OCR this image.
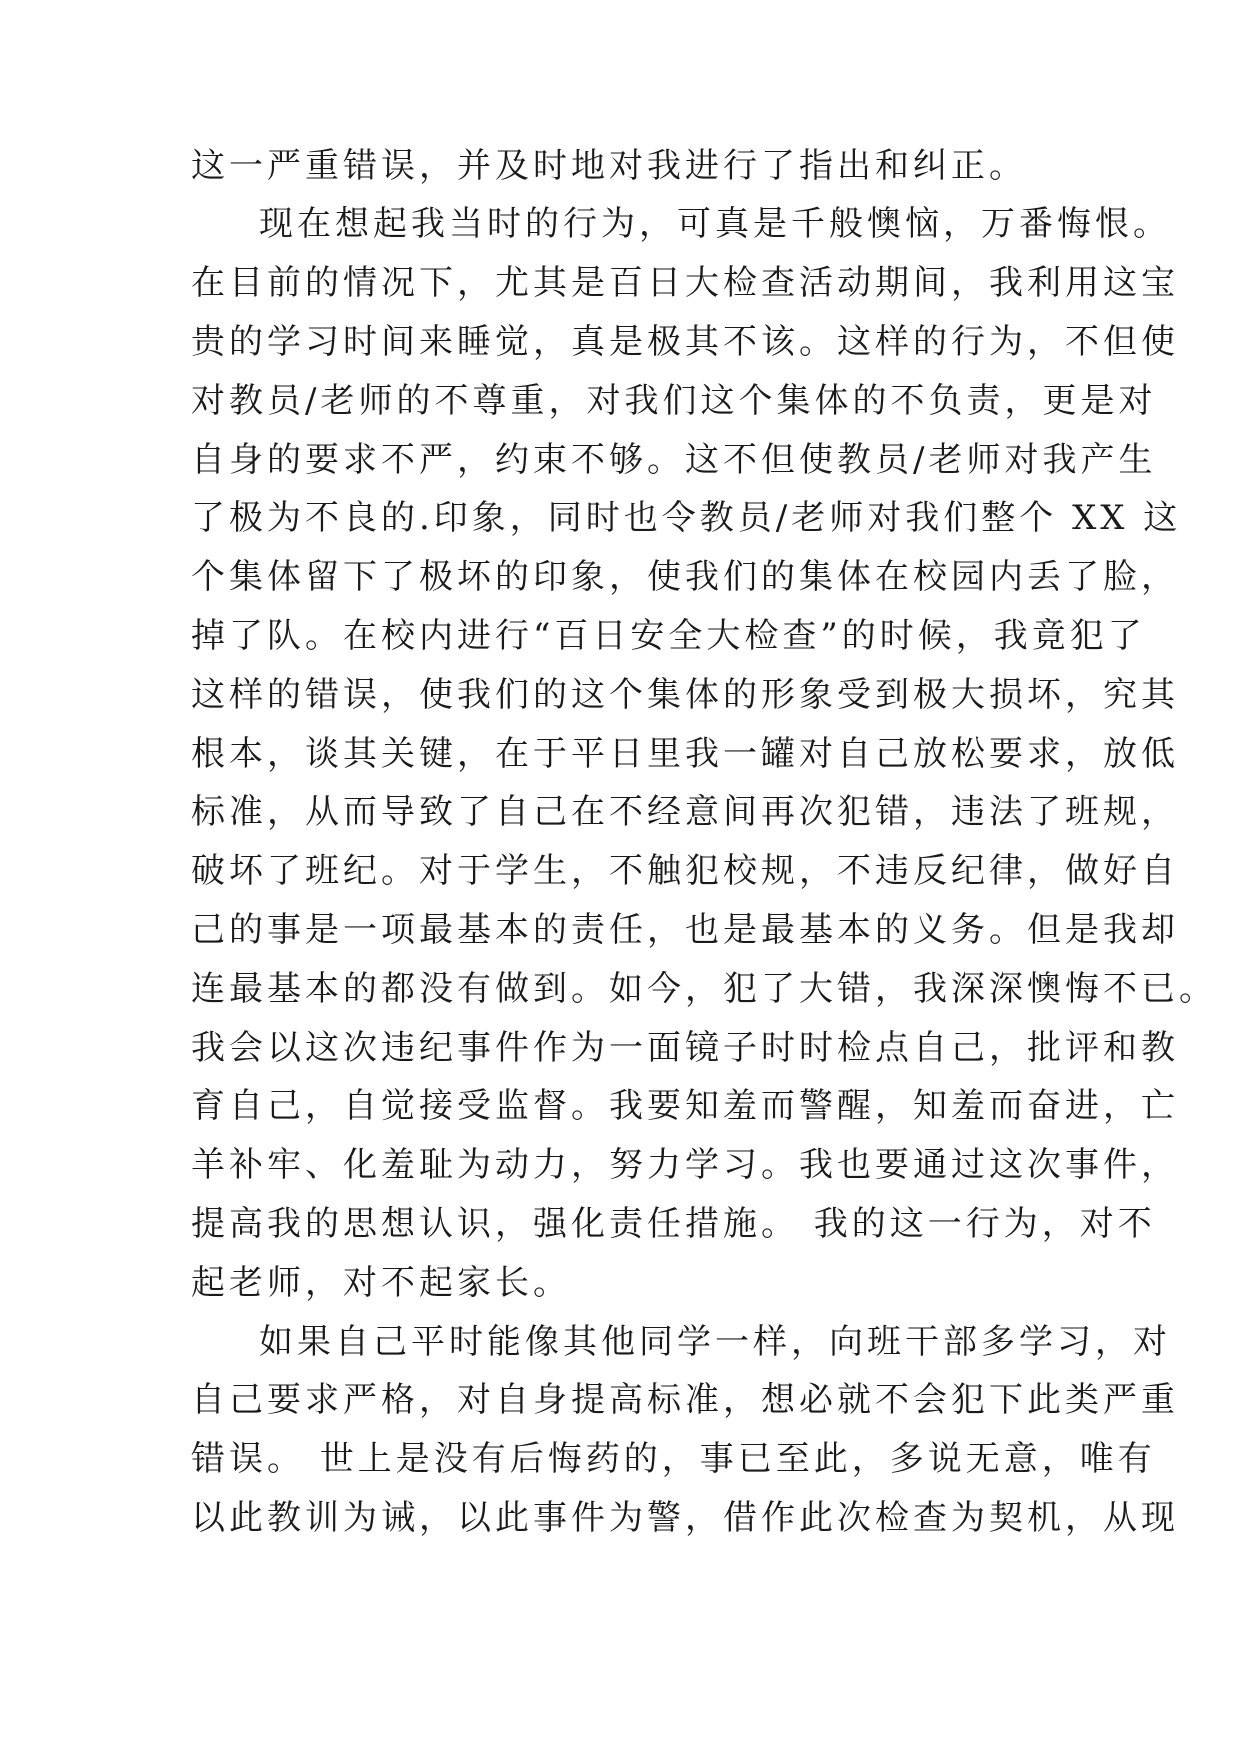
这一严重错误，并及时地对我进行了指出和纠正。
现在想起我当时的行为，可真是千般懊恼，万番悔恨。
在目前的情况下，尤其是百日大检查活动期间，我利用这宝
贵的学习时间来睡觉，真是极其不该。这样的行为，不但使
对教员/老师的不尊重，对我们这个集体的不负责，更是对
自身的要求不严，约束不够。这不但使教员/老师对我产生
了极为不良的.印象，同时也令教员/老师对我们整个 XX 这
个集体留下了极坏的印象，使我们的集体在校园内丢了脸，
掉了队。在校内进行“百日安全大检查”的时候，我竟犯了
这样的错误，使我们的这个集体的形象受到极大损坏，究其
根本，谈其关键，在于平日里我一罐对自己放松要求，放低
标准，从而导致了自己在不经意间再次犯错，违法了班规，
破坏了班纪。对于学生，不触犯校规，不违反纪律，做好自
己的事是一项最基本的责任，也是最基本的义务。但是我却
连最基本的都没有做到。如今，犯了大错，我深深懊悔不已。
我会以这次违纪事件作为一面镜子时时检点自己，批评和教
育自己，自觉接受监督。我要知羞而警醒，知羞而奋进，亡
羊补牢、化羞耻为动力，努力学习。我也要通过这次事件，
提高我的思想认识，强化责任措施。 我的这一行为，对不
起老师，对不起家长。
如果自己平时能像其他同学一样，向班干部多学习，对
自己要求严格，对自身提高标准，想必就不会犯下此类严重
错误。 世上是没有后悔药的，事已至此，多说无意，唯有
以此教训为诫，以此事件为警，借作此次检查为契机，从现
